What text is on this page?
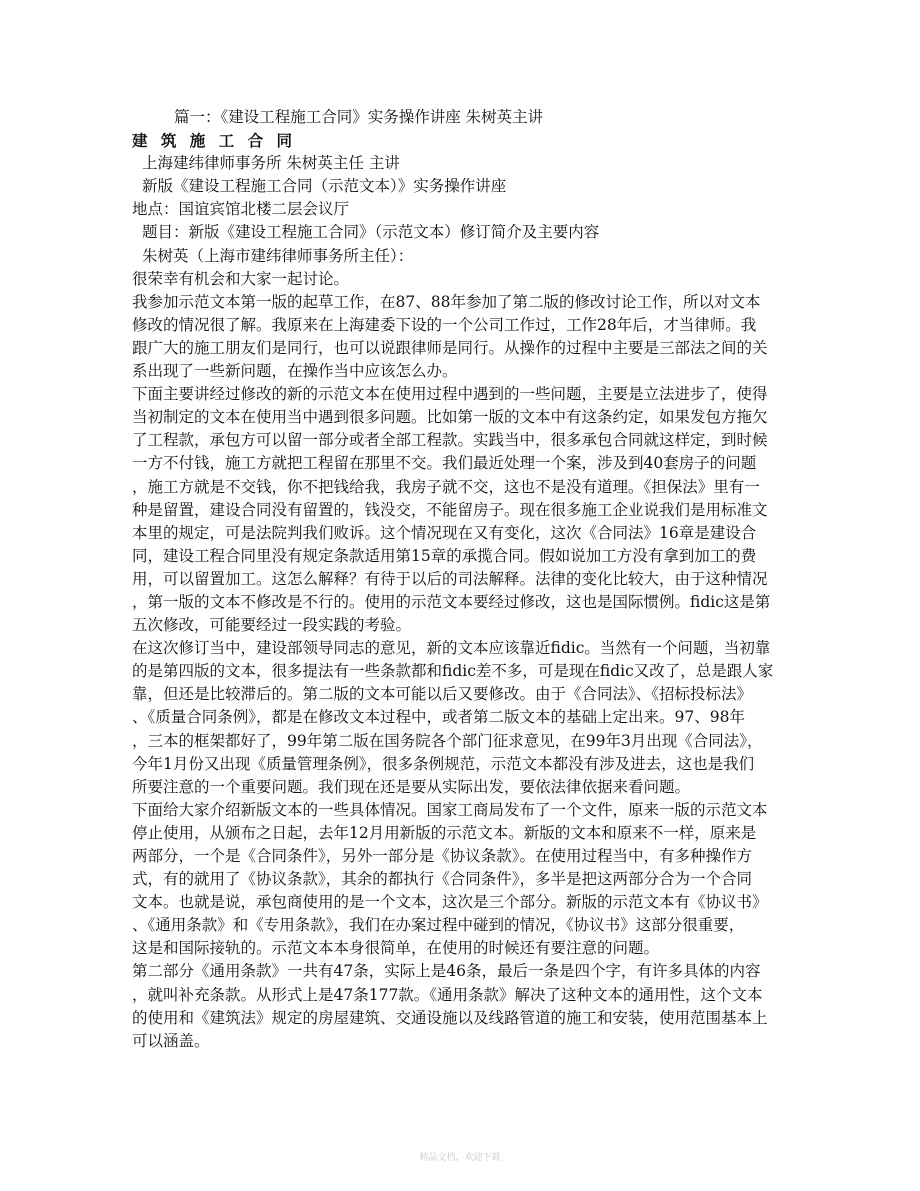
篇一：《建设工程施工合同》实务操作讲座 朱树英主讲
建 筑 施 工 合 同
上海建纬律师事务所 朱树英主任 主讲
新版《建设工程施工合同（示范文本）》实务操作讲座
地点：国谊宾馆北楼二层会议厅
题目：新版《建设工程施工合同》（示范文本）修订简介及主要内容
朱树英（上海市建纬律师事务所主任）：
很荣幸有机会和大家一起讨论。
我参加示范文本第一版的起草工作，在87、88年参加了第二版的修改讨论工作，所以对文本
修改的情况很了解。我原来在上海建委下设的一个公司工作过，工作28年后，才当律师。我
跟广大的施工朋友们是同行，也可以说跟律师是同行。从操作的过程中主要是三部法之间的关
系出现了一些新问题，在操作当中应该怎么办。
下面主要讲经过修改的新的示范文本在使用过程中遇到的一些问题，主要是立法进步了，使得
当初制定的文本在使用当中遇到很多问题。比如第一版的文本中有这条约定，如果发包方拖欠
了工程款，承包方可以留一部分或者全部工程款。实践当中，很多承包合同就这样定，到时候
一方不付钱，施工方就把工程留在那里不交。我们最近处理一个案，涉及到40套房子的问题
，施工方就是不交钱，你不把钱给我，我房子就不交，这也不是没有道理。《担保法》里有一
种是留置，建设合同没有留置的，钱没交，不能留房子。现在很多施工企业说我们是用标准文
本里的规定，可是法院判我们败诉。这个情况现在又有变化，这次《合同法》16章是建设合
同，建设工程合同里没有规定条款适用第15章的承揽合同。假如说加工方没有拿到加工的费
用，可以留置加工。这怎么解释？有待于以后的司法解释。法律的变化比较大，由于这种情况
，第一版的文本不修改是不行的。使用的示范文本要经过修改，这也是国际惯例。fidic这是第
五次修改，可能要经过一段实践的考验。
在这次修订当中，建设部领导同志的意见，新的文本应该靠近fidic。当然有一个问题，当初靠
的是第四版的文本，很多提法有一些条款都和fidic差不多，可是现在fidic又改了，总是跟人家
靠，但还是比较滞后的。第二版的文本可能以后又要修改。由于《合同法》、《招标投标法》
、《质量合同条例》，都是在修改文本过程中，或者第二版文本的基础上定出来。97、98年
，三本的框架都好了，99年第二版在国务院各个部门征求意见，在99年3月出现《合同法》，
今年1月份又出现《质量管理条例》，很多条例规范，示范文本都没有涉及进去，这也是我们
所要注意的一个重要问题。我们现在还是要从实际出发，要依法律依据来看问题。
下面给大家介绍新版文本的一些具体情况。国家工商局发布了一个文件，原来一版的示范文本
停止使用，从颁布之日起，去年12月用新版的示范文本。新版的文本和原来不一样，原来是
两部分，一个是《合同条件》，另外一部分是《协议条款》。在使用过程当中，有多种操作方
式，有的就用了《协议条款》，其余的都执行《合同条件》，多半是把这两部分合为一个合同
文本。也就是说，承包商使用的是一个文本，这次是三个部分。新版的示范文本有《协议书》
、《通用条款》和《专用条款》，我们在办案过程中碰到的情况，《协议书》这部分很重要，
这是和国际接轨的。示范文本本身很简单，在使用的时候还有要注意的问题。
第二部分《通用条款》一共有47条，实际上是46条，最后一条是四个字，有许多具体的内容
，就叫补充条款。从形式上是47条177款。《通用条款》解决了这种文本的通用性，这个文本
的使用和《建筑法》规定的房屋建筑、交通设施以及线路管道的施工和安装，使用范围基本上
可以涵盖。
精品文档，欢迎下载
